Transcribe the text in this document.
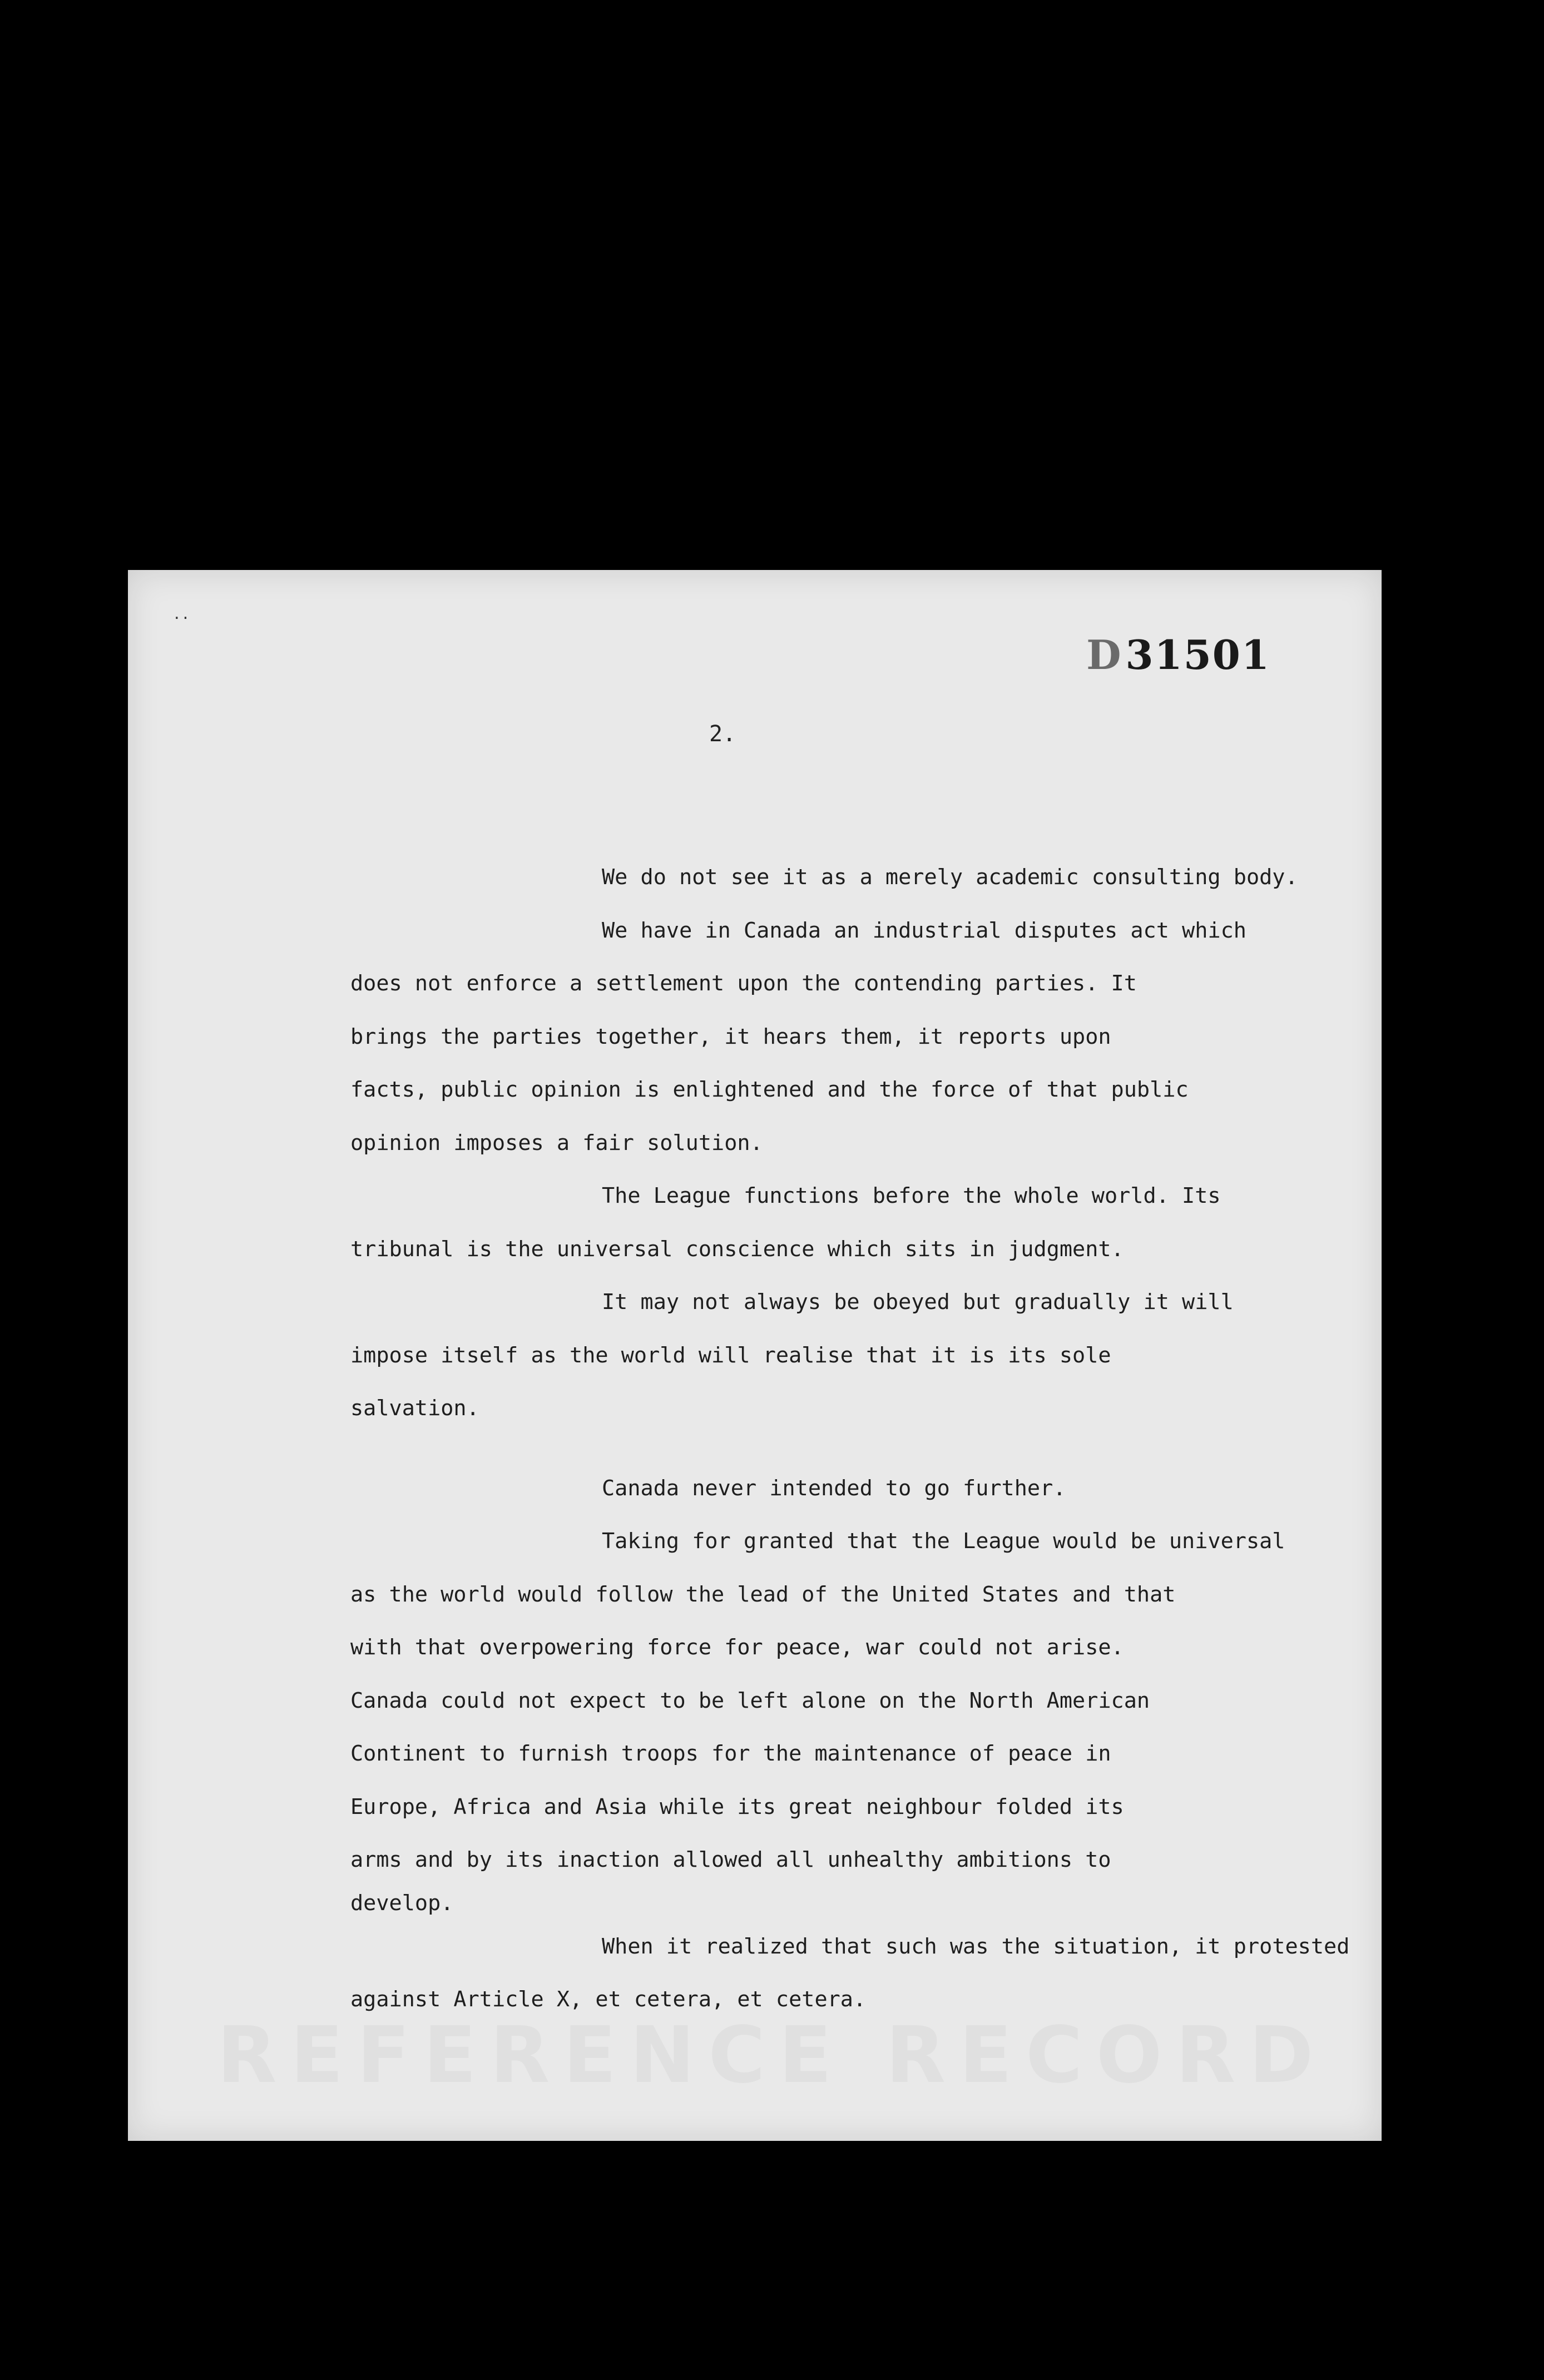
..
D31501
2.
We do not see it as a merely academic consulting body.
We have in Canada an industrial disputes act which
does not enforce a settlement upon the contending parties. It
brings the parties together, it hears them, it reports upon
facts, public opinion is enlightened and the force of that public
opinion imposes a fair solution.
The League functions before the whole world. Its
tribunal is the universal conscience which sits in judgment.
It may not always be obeyed but gradually it will
impose itself as the world will realise that it is its sole
salvation.
Canada never intended to go further.
Taking for granted that the League would be universal
as the world would follow the lead of the United States and that
with that overpowering force for peace, war could not arise.
Canada could not expect to be left alone on the North American
Continent to furnish troops for the maintenance of peace in
Europe, Africa and Asia while its great neighbour folded its
arms and by its inaction allowed all unhealthy ambitions to
develop.
When it realized that such was the situation, it protested
against Article X, et cetera, et cetera.
